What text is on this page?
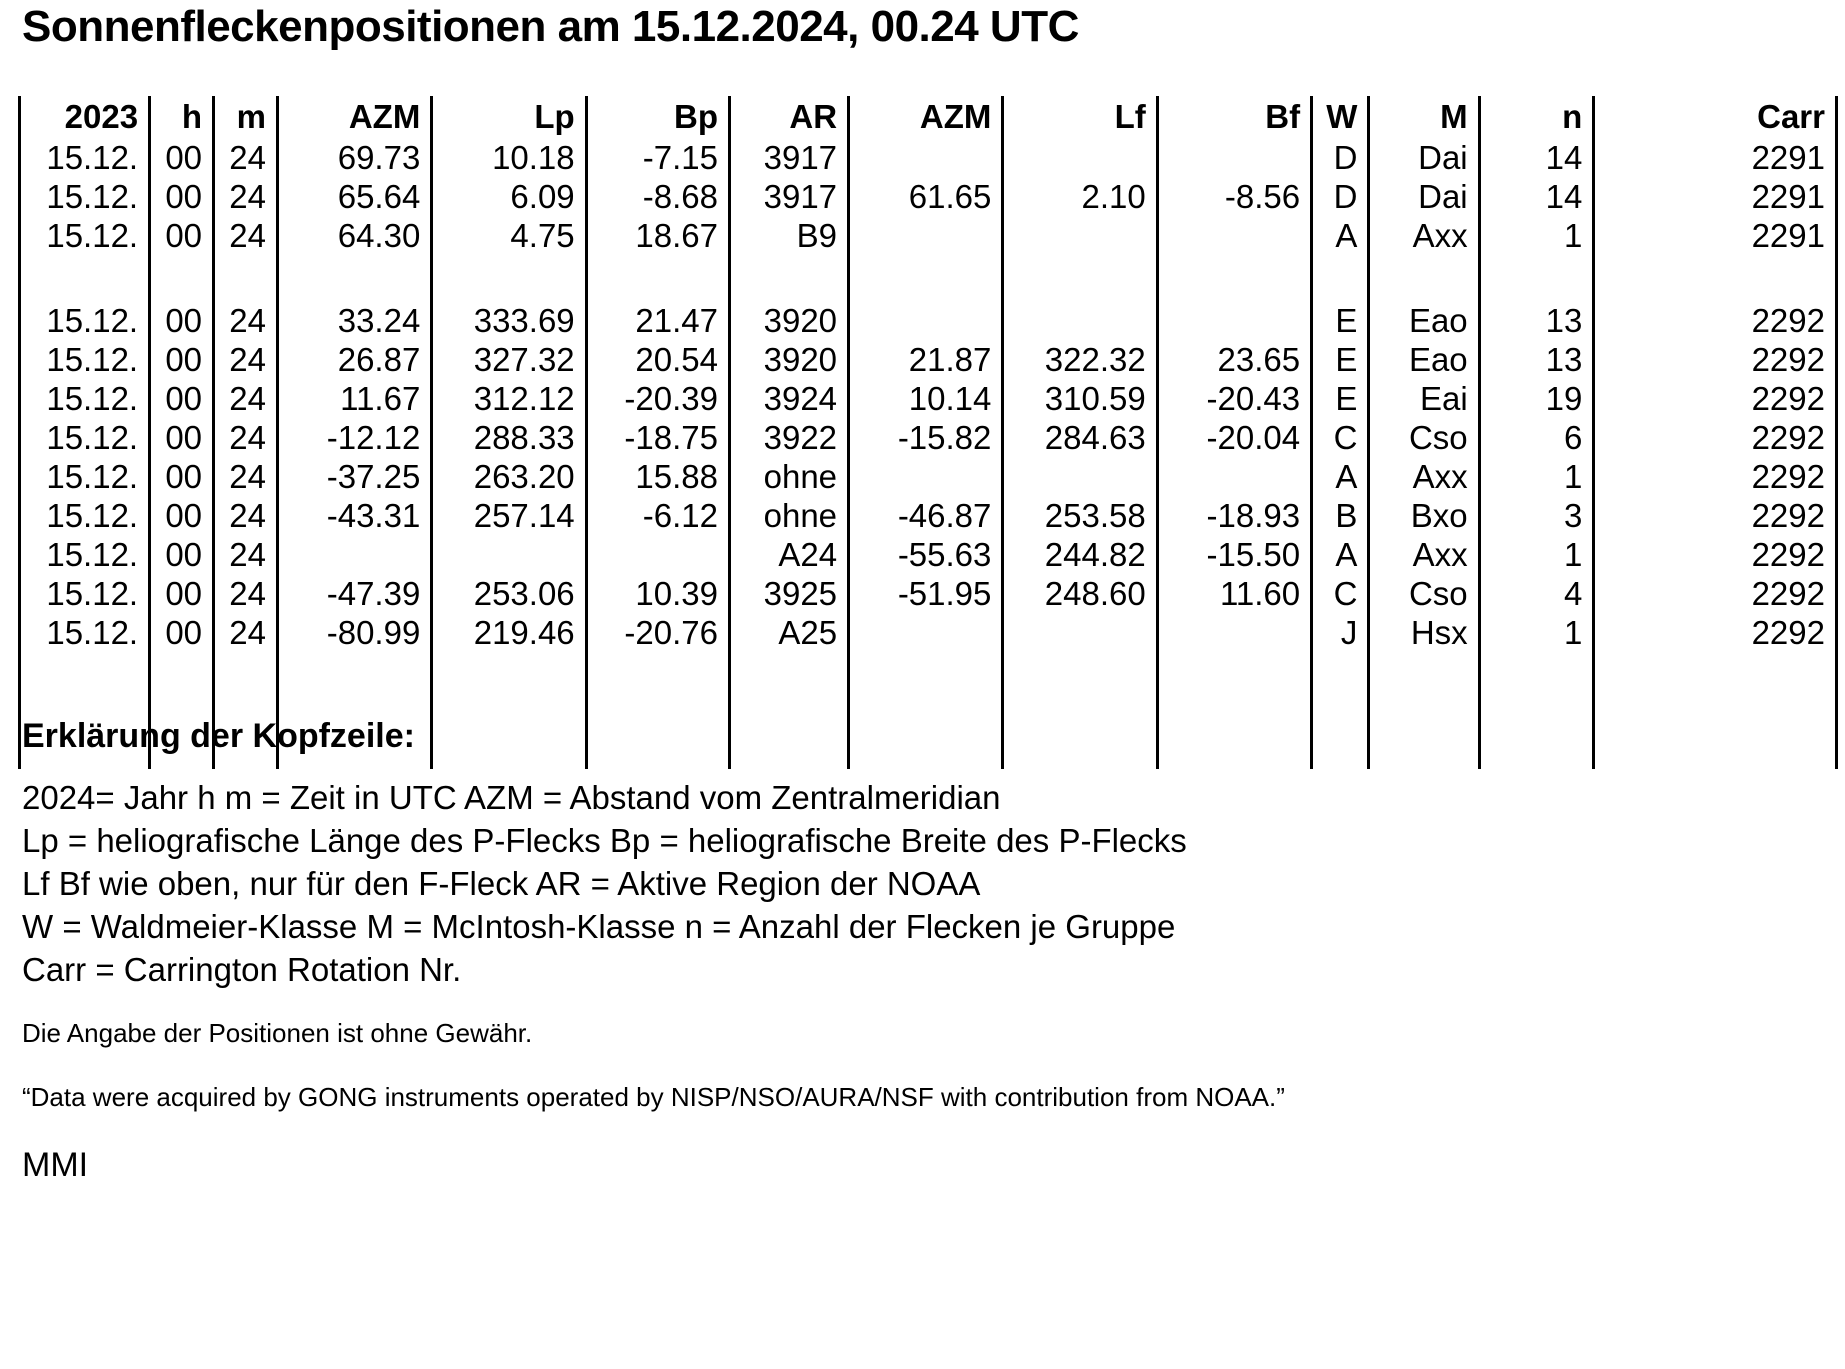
Sonnenfleckenpositionen am 15.12.2024, 00.24 UTC
2023	h	m	AZM	Lp	Bp	AR	AZM	Lf	Bf	W	M	n	Carr
15.12.	00	24	69.73	10.18	-7.15	3917				D	Dai	14	2291
15.12.	00	24	65.64	6.09	-8.68	3917	61.65	2.10	-8.56	D	Dai	14	2291
15.12.	00	24	64.30	4.75	18.67	B9				A	Axx	1	2291

15.12.	00	24	33.24	333.69	21.47	3920				E	Eao	13	2292
15.12.	00	24	26.87	327.32	20.54	3920	21.87	322.32	23.65	E	Eao	13	2292
15.12.	00	24	11.67	312.12	-20.39	3924	10.14	310.59	-20.43	E	Eai	19	2292
15.12.	00	24	-12.12	288.33	-18.75	3922	-15.82	284.63	-20.04	C	Cso	6	2292
15.12.	00	24	-37.25	263.20	15.88	ohne				A	Axx	1	2292
15.12.	00	24	-43.31	257.14	-6.12	ohne	-46.87	253.58	-18.93	B	Bxo	3	2292
15.12.	00	24				A24	-55.63	244.82	-15.50	A	Axx	1	2292
15.12.	00	24	-47.39	253.06	10.39	3925	-51.95	248.60	11.60	C	Cso	4	2292
15.12.	00	24	-80.99	219.46	-20.76	A25				J	Hsx	1	2292

Erklärung der Kopfzeile:
2024= Jahr h m = Zeit in UTC AZM = Abstand vom Zentralmeridian
Lp = heliografische Länge des P-Flecks Bp = heliografische Breite des P-Flecks
Lf Bf wie oben, nur für den F-Fleck AR = Aktive Region der NOAA
W = Waldmeier-Klasse M = McIntosh-Klasse n = Anzahl der Flecken je Gruppe
Carr = Carrington Rotation Nr.
Die Angabe der Positionen ist ohne Gewähr.
“Data were acquired by GONG instruments operated by NISP/NSO/AURA/NSF with contribution from NOAA.”
MMI
